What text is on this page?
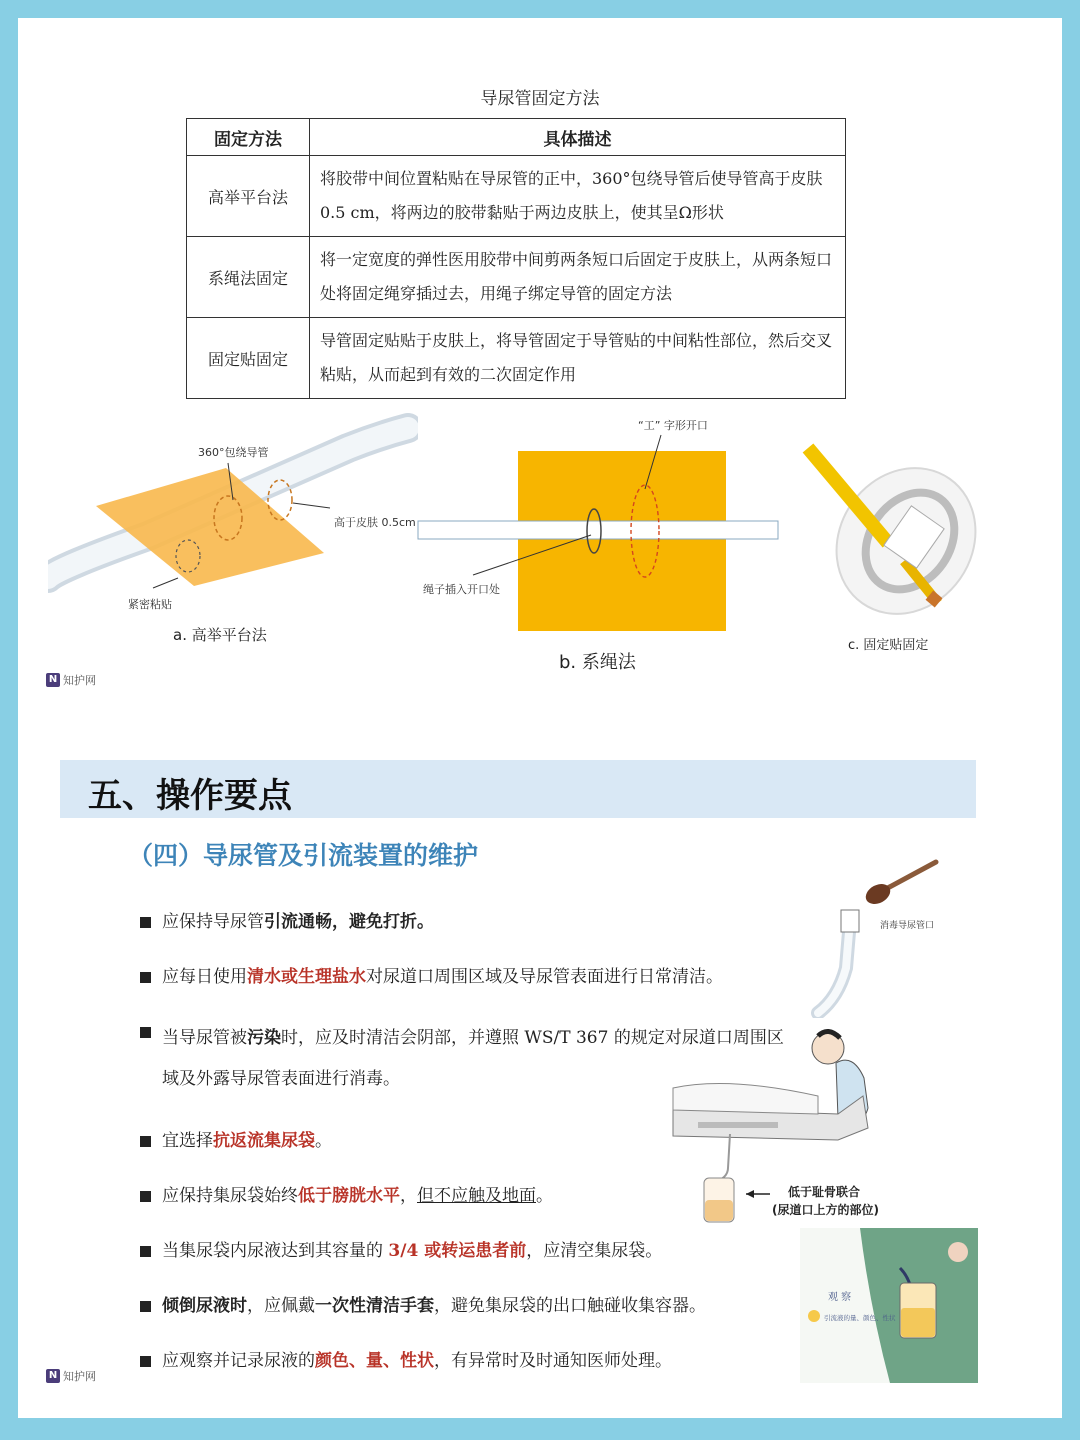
导尿管固定方法
固定方法	具体描述
高举平台法	将胶带中间位置粘贴在导尿管的正中，360°包绕导管后使导管高于皮肤0.5 cm，将两边的胶带黏贴于两边皮肤上，使其呈Ω形状
系绳法固定	将一定宽度的弹性医用胶带中间剪两条短口后固定于皮肤上，从两条短口处将固定绳穿插过去，用绳子绑定导管的固定方法
固定贴固定	导管固定贴贴于皮肤上，将导管固定于导管贴的中间粘性部位，然后交叉粘贴，从而起到有效的二次固定作用
360°包绕导管
高于皮肤 0.5cm
紧密粘贴
a. 高举平台法
“工” 字形开口
绳子插入开口处
b. 系绳法
c. 固定贴固定
N 知护网
五、操作要点
（四）导尿管及引流装置的维护
应保持导尿管引流通畅，避免打折。
应每日使用清水或生理盐水对尿道口周围区域及导尿管表面进行日常清洁。
当导尿管被污染时，应及时清洁会阴部，并遵照 WS/T 367 的规定对尿道口周围区域及外露导尿管表面进行消毒。
宜选择抗返流集尿袋。
应保持集尿袋始终低于膀胱水平，但不应触及地面。
当集尿袋内尿液达到其容量的 3/4 或转运患者前，应清空集尿袋。
倾倒尿液时，应佩戴一次性清洁手套，避免集尿袋的出口触碰收集容器。
应观察并记录尿液的颜色、量、性状，有异常时及时通知医师处理。
消毒导尿管口
低于耻骨联合
(尿道口上方的部位)
观 察
引流液的量、颜色、性状
N 知护网
